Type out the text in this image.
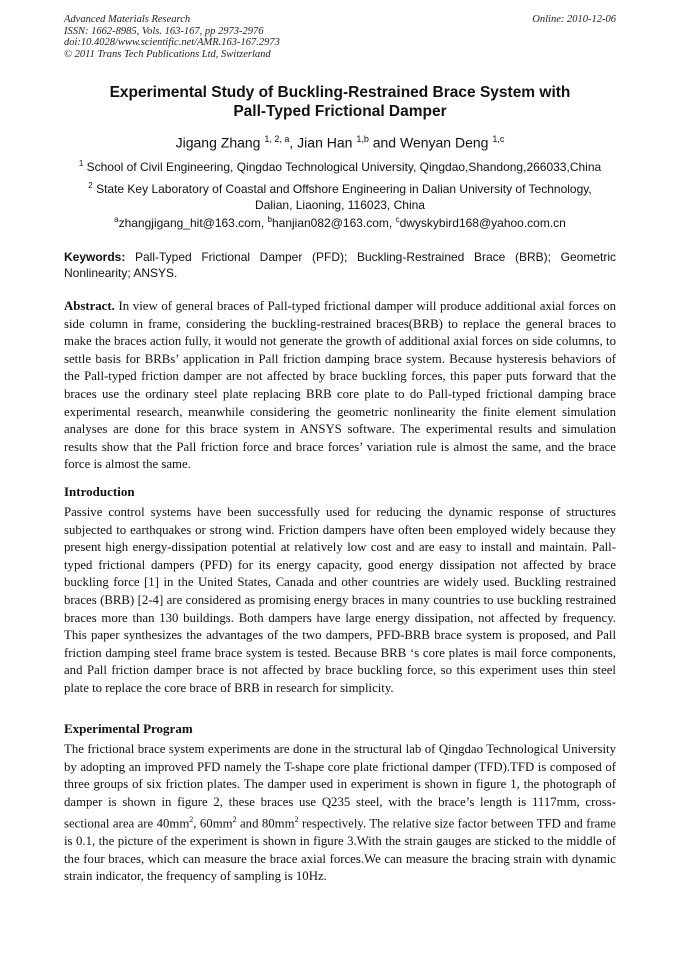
Advanced Materials Research
ISSN: 1662-8985, Vols. 163-167, pp 2973-2976
doi:10.4028/www.scientific.net/AMR.163-167.2973
© 2011 Trans Tech Publications Ltd, Switzerland
Online: 2010-12-06
Experimental Study of Buckling-Restrained Brace System with
Pall-Typed Frictional Damper
Jigang Zhang $^{1, 2, a}$, Jian Han $^{1,b}$ and Wenyan Deng $^{1,c}$
$^1$ School of Civil Engineering, Qingdao Technological University, Qingdao,Shandong,266033,China
$^2$ State Key Laboratory of Coastal and Offshore Engineering in Dalian University of Technology,
Dalian, Liaoning, 116023, China
$^a$zhangjigang_hit@163.com, $^b$hanjian082@163.com, $^c$dwyskybird168@yahoo.com.cn
Keywords: Pall-Typed Frictional Damper (PFD); Buckling-Restrained Brace (BRB); Geometric Nonlinearity; ANSYS.
Abstract. In view of general braces of Pall-typed frictional damper will produce additional axial forces on side column in frame, considering the buckling-restrained braces(BRB) to replace the general braces to make the braces action fully, it would not generate the growth of additional axial forces on side columns, to settle basis for BRBs’ application in Pall friction damping brace system. Because hysteresis behaviors of the Pall-typed friction damper are not affected by brace buckling forces, this paper puts forward that the braces use the ordinary steel plate replacing BRB core plate to do Pall-typed frictional damping brace experimental research, meanwhile considering the geometric nonlinearity the finite element simulation analyses are done for this brace system in ANSYS software. The experimental results and simulation results show that the Pall friction force and brace forces’ variation rule is almost the same, and the brace force is almost the same.
Introduction
Passive control systems have been successfully used for reducing the dynamic response of structures subjected to earthquakes or strong wind. Friction dampers have often been employed widely because they present high energy-dissipation potential at relatively low cost and are easy to install and maintain. Pall-typed frictional dampers (PFD) for its energy capacity, good energy dissipation not affected by brace buckling force [1] in the United States, Canada and other countries are widely used. Buckling restrained braces (BRB) [2-4] are considered as promising energy braces in many countries to use buckling restrained braces more than 130 buildings. Both dampers have large energy dissipation, not affected by frequency. This paper synthesizes the advantages of the two dampers, PFD-BRB brace system is proposed, and Pall friction damping steel frame brace system is tested. Because BRB ‘s core plates is mail force components, and Pall friction damper brace is not affected by brace buckling force, so this experiment uses thin steel plate to replace the core brace of BRB in research for simplicity.
Experimental Program
The frictional brace system experiments are done in the structural lab of Qingdao Technological University by adopting an improved PFD namely the T-shape core plate frictional damper (TFD).TFD is composed of three groups of six friction plates. The damper used in experiment is shown in figure 1, the photograph of damper is shown in figure 2, these braces use Q235 steel, with the brace’s length is 1117mm, cross-sectional area are $40mm^2$, $60mm^2$ and $80mm^2$ respectively. The relative size factor between TFD and frame is 0.1, the picture of the experiment is shown in figure 3.With the strain gauges are sticked to the middle of the four braces, which can measure the brace axial forces.We can measure the bracing strain with dynamic strain indicator, the frequency of sampling is 10Hz.
